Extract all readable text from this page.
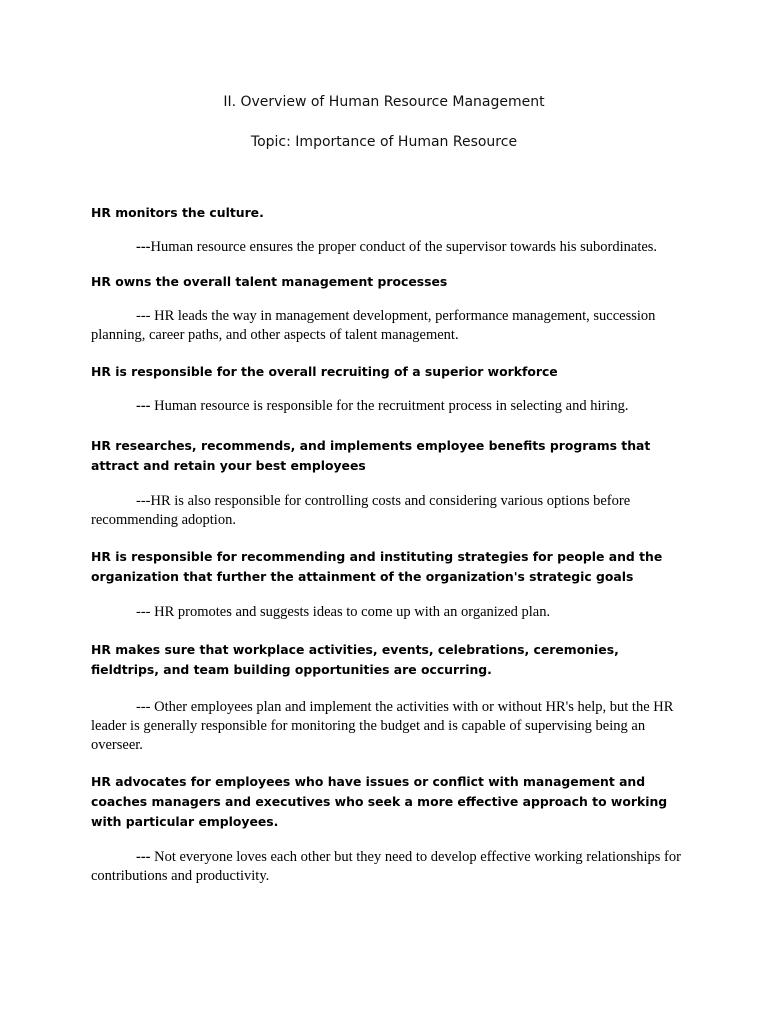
II. Overview of Human Resource Management
Topic: Importance of Human Resource
HR monitors the culture.
---Human resource ensures the proper conduct of the supervisor towards his subordinates.
HR owns the overall talent management processes
--- HR leads the way in management development, performance management, succession planning, career paths, and other aspects of talent management.
HR is responsible for the overall recruiting of a superior workforce
--- Human resource is responsible for the recruitment process in selecting and hiring.
HR researches, recommends, and implements employee benefits programs that attract and retain your best employees
---HR is also responsible for controlling costs and considering various options before recommending adoption.
HR is responsible for recommending and instituting strategies for people and the organization that further the attainment of the organization's strategic goals
--- HR promotes and suggests ideas to come up with an organized plan.
HR makes sure that workplace activities, events, celebrations, ceremonies, fieldtrips, and team building opportunities are occurring.
--- Other employees plan and implement the activities with or without HR's help, but the HR leader is generally responsible for monitoring the budget and is capable of supervising being an overseer.
HR advocates for employees who have issues or conflict with management and coaches managers and executives who seek a more effective approach to working with particular employees.
--- Not everyone loves each other but they need to develop effective working relationships for contributions and productivity.
